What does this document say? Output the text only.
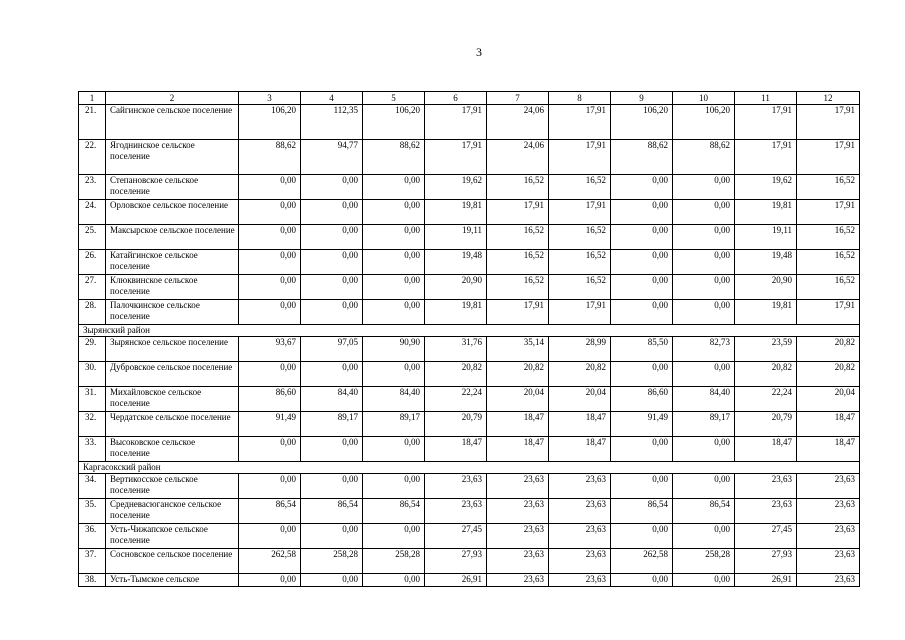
3
1	2	3	4	5	6	7	8	9	10	11	12
21.	Сайгинское сельское поселение	106,20	112,35	106,20	17,91	24,06	17,91	106,20	106,20	17,91	17,91
22.	Ягоднинское сельское поселение	88,62	94,77	88,62	17,91	24,06	17,91	88,62	88,62	17,91	17,91
23.	Степановское сельское поселение	0,00	0,00	0,00	19,62	16,52	16,52	0,00	0,00	19,62	16,52
24.	Орловское сельское поселение	0,00	0,00	0,00	19,81	17,91	17,91	0,00	0,00	19,81	17,91
25.	Максырское сельское поселение	0,00	0,00	0,00	19,11	16,52	16,52	0,00	0,00	19,11	16,52
26.	Катайгинское сельское поселение	0,00	0,00	0,00	19,48	16,52	16,52	0,00	0,00	19,48	16,52
27.	Клюквинское сельское поселение	0,00	0,00	0,00	20,90	16,52	16,52	0,00	0,00	20,90	16,52
28.	Палочкинское сельское поселение	0,00	0,00	0,00	19,81	17,91	17,91	0,00	0,00	19,81	17,91
Зырянский район											
29.	Зырянское сельское поселение	93,67	97,05	90,90	31,76	35,14	28,99	85,50	82,73	23,59	20,82
30.	Дубровское сельское поселение	0,00	0,00	0,00	20,82	20,82	20,82	0,00	0,00	20,82	20,82
31.	Михайловское сельское поселение	86,60	84,40	84,40	22,24	20,04	20,04	86,60	84,40	22,24	20,04
32.	Чердатское сельское поселение	91,49	89,17	89,17	20,79	18,47	18,47	91,49	89,17	20,79	18,47
33.	Высоковское сельское поселение	0,00	0,00	0,00	18,47	18,47	18,47	0,00	0,00	18,47	18,47
Каргасокский район											
34.	Вертикосское сельское поселение	0,00	0,00	0,00	23,63	23,63	23,63	0,00	0,00	23,63	23,63
35.	Средневасюганское сельское поселение	86,54	86,54	86,54	23,63	23,63	23,63	86,54	86,54	23,63	23,63
36.	Усть-Чижапское сельское поселение	0,00	0,00	0,00	27,45	23,63	23,63	0,00	0,00	27,45	23,63
37.	Сосновское сельское поселение	262,58	258,28	258,28	27,93	23,63	23,63	262,58	258,28	27,93	23,63
38.	Усть-Тымское сельское	0,00	0,00	0,00	26,91	23,63	23,63	0,00	0,00	26,91	23,63
